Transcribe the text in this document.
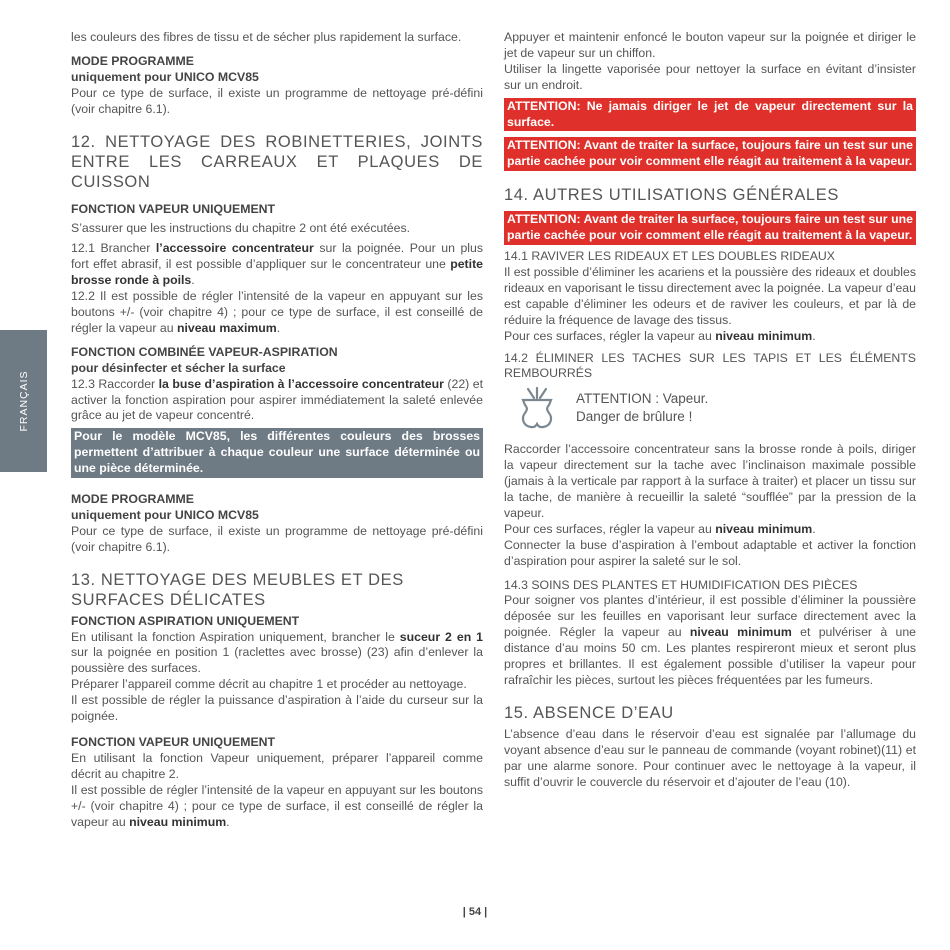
FRANÇAIS

les couleurs des fibres de tissu et de sécher plus rapidement la surface.

MODE PROGRAMME

uniquement pour UNICO MCV85

Pour ce type de surface, il existe un programme de nettoyage pré-défini (voir chapitre 6.1).

12. NETTOYAGE DES ROBINETTERIES, JOINTS ENTRE LES CARREAUX ET PLAQUES DE CUISSON

FONCTION VAPEUR UNIQUEMENT

S’assurer que les instructions du chapitre 2 ont été exécutées.

12.1 Brancher l’accessoire concentrateur sur la poignée. Pour un plus fort effet abrasif, il est possible d’appliquer sur le concentrateur une petite brosse ronde à poils.

12.2 Il est possible de régler l’intensité de la vapeur en appuyant sur les boutons +/- (voir chapitre 4) ; pour ce type de surface, il est conseillé de régler la vapeur au niveau maximum.

FONCTION COMBINÉE VAPEUR-ASPIRATION

pour désinfecter et sécher la surface

12.3 Raccorder la buse d’aspiration à l’accessoire concentrateur (22) et activer la fonction aspiration pour aspirer immédiatement la saleté enlevée grâce au jet de vapeur concentré.

Pour le modèle MCV85, les différentes couleurs des brosses permettent d’attribuer à chaque couleur une surface déterminée ou une pièce déterminée.

MODE PROGRAMME

uniquement pour UNICO MCV85

Pour ce type de surface, il existe un programme de nettoyage pré-défini (voir chapitre 6.1).

13. NETTOYAGE DES MEUBLES ET DES SURFACES DÉLICATES

FONCTION ASPIRATION UNIQUEMENT

En utilisant la fonction Aspiration uniquement, brancher le suceur 2 en 1 sur la poignée en position 1 (raclettes avec brosse) (23) afin d’enlever la poussière des surfaces.

Préparer l’appareil comme décrit au chapitre 1 et procéder au nettoyage.

Il est possible de régler la puissance d’aspiration à l’aide du curseur sur la poignée.

FONCTION VAPEUR UNIQUEMENT

En utilisant la fonction Vapeur uniquement, préparer l’appareil comme décrit au chapitre 2.

Il est possible de régler l’intensité de la vapeur en appuyant sur les boutons +/- (voir chapitre 4) ; pour ce type de surface, il est conseillé de régler la vapeur au niveau minimum.

Appuyer et maintenir enfoncé le bouton vapeur sur la poignée et diriger le jet de vapeur sur un chiffon.

Utiliser la lingette vaporisée pour nettoyer la surface en évitant d’insister sur un endroit.

ATTENTION: Ne jamais diriger le jet de vapeur directement sur la surface.

ATTENTION: Avant de traiter la surface, toujours faire un test sur une partie cachée pour voir comment elle réagit au traitement à la vapeur.

14. AUTRES UTILISATIONS GÉNÉRALES

ATTENTION: Avant de traiter la surface, toujours faire un test sur une partie cachée pour voir comment elle réagit au traitement à la vapeur.

14.1 RAVIVER LES RIDEAUX ET LES DOUBLES RIDEAUX

Il est possible d’éliminer les acariens et la poussière des rideaux et doubles rideaux en vaporisant le tissu directement avec la poignée. La vapeur d’eau est capable d’éliminer les odeurs et de raviver les couleurs, et par là de réduire la fréquence de lavage des tissus.

Pour ces surfaces, régler la vapeur au niveau minimum.

14.2 ÉLIMINER LES TACHES SUR LES TAPIS ET LES ÉLÉMENTS REMBOURRÉS

ATTENTION : Vapeur.
Danger de brûlure !

Raccorder l’accessoire concentrateur sans la brosse ronde à poils, diriger la vapeur directement sur la tache avec l’inclinaison maximale possible (jamais à la verticale par rapport à la surface à traiter) et placer un tissu sur la tache, de manière à recueillir la saleté “soufflée” par la pression de la vapeur.

Pour ces surfaces, régler la vapeur au niveau minimum.

Connecter la buse d’aspiration à l’embout adaptable et activer la fonction d’aspiration pour aspirer la saleté sur le sol.

14.3 SOINS DES PLANTES ET HUMIDIFICATION DES PIÈCES

Pour soigner vos plantes d’intérieur, il est possible d’éliminer la poussière déposée sur les feuilles en vaporisant leur surface directement avec la poignée. Régler la vapeur au niveau minimum et pulvériser à une distance d’au moins 50 cm. Les plantes respireront mieux et seront plus propres et brillantes. Il est également possible d’utiliser la vapeur pour rafraîchir les pièces, surtout les pièces fréquentées par les fumeurs.

15. ABSENCE D’EAU

L’absence d’eau dans le réservoir d’eau est signalée par l’allumage du voyant absence d’eau sur le panneau de commande (voyant robinet)(11) et par une alarme sonore. Pour continuer avec le nettoyage à la vapeur, il suffit d’ouvrir le couvercle du réservoir et d’ajouter de l’eau (10).

| 54 |
